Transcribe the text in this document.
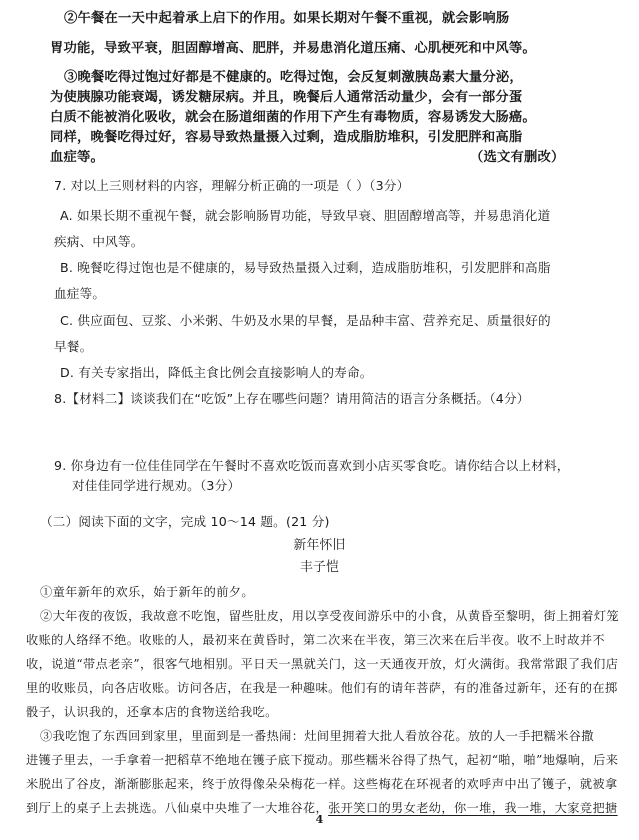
②午餐在一天中起着承上启下的作用。如果长期对午餐不重视，就会影响肠
胃功能，导致平衰，胆固醇增高、肥胖，并易患消化道压痛、心肌梗死和中风等。
③晚餐吃得过饱过好都是不健康的。吃得过饱，会反复刺激胰岛素大量分泌，
为使胰腺功能衰竭，诱发糖尿病。并且，晚餐后人通常活动量少，会有一部分蛋
白质不能被消化吸收，就会在肠道细菌的作用下产生有毒物质，容易诱发大肠癌。
同样，晚餐吃得过好，容易导致热量摄入过剩，造成脂肪堆积，引发肥胖和高脂
血症等。	（选文有删改）
7. 对以上三则材料的内容，理解分析正确的一项是（ ）（3分）
A. 如果长期不重视午餐，就会影响肠胃功能，导致早衰、胆固醇增高等，并易患消化道
疾病、中风等。
B. 晚餐吃得过饱也是不健康的，易导致热量摄入过剩，造成脂肪堆积，引发肥胖和高脂
血症等。
C. 供应面包、豆浆、小米粥、牛奶及水果的早餐，是品种丰富、营养充足、质量很好的
早餐。
D. 有关专家指出，降低主食比例会直接影响人的寿命。
8.【材料二】谈谈我们在“吃饭”上存在哪些问题？请用简洁的语言分条概括。（4分）
9. 你身边有一位佳佳同学在午餐时不喜欢吃饭而喜欢到小店买零食吃。请你结合以上材料，
对佳佳同学进行规劝。（3分）
（二）阅读下面的文字，完成 10～14 题。(21 分)
新年怀旧
丰子恺
①童年新年的欢乐，始于新年的前夕。
②大年夜的夜饭，我故意不吃饱，留些肚皮，用以享受夜间游乐中的小食，从黄昏至黎明，街上拥着灯笼
收账的人络绎不绝。收账的人，最初来在黄昏时，第二次来在半夜，第三次来在后半夜。收不上时故并不
收，说道“带点老亲”，很客气地相别。平日天一黑就关门，这一天通夜开放，灯火满街。我常常跟了我们店
里的收账员，向各店收账。访问各店，在我是一种趣味。他们有的请年菩萨，有的准备过新年，还有的在掷
骰子，认识我的，还拿本店的食物送给我吃。
③我吃饱了东西回到家里，里面到是一番热闹：灶间里拥着大批人看放谷花。放的人一手把糯米谷撒
进镬子里去，一手拿着一把稻草不绝地在镬子底下搅动。那些糯米谷得了热气，起初“啪，啪”地爆响，后来
米脱出了谷皮，渐渐膨胀起来，终于放得像朵朵梅花一样。这些梅花在环视者的欢呼声中出了镬子，就被拿
到厅上的桌子上去挑选。八仙桌中央堆了一大堆谷花，张开笑口的男女老幼，你一堆，我一堆，大家竞把搪
4
